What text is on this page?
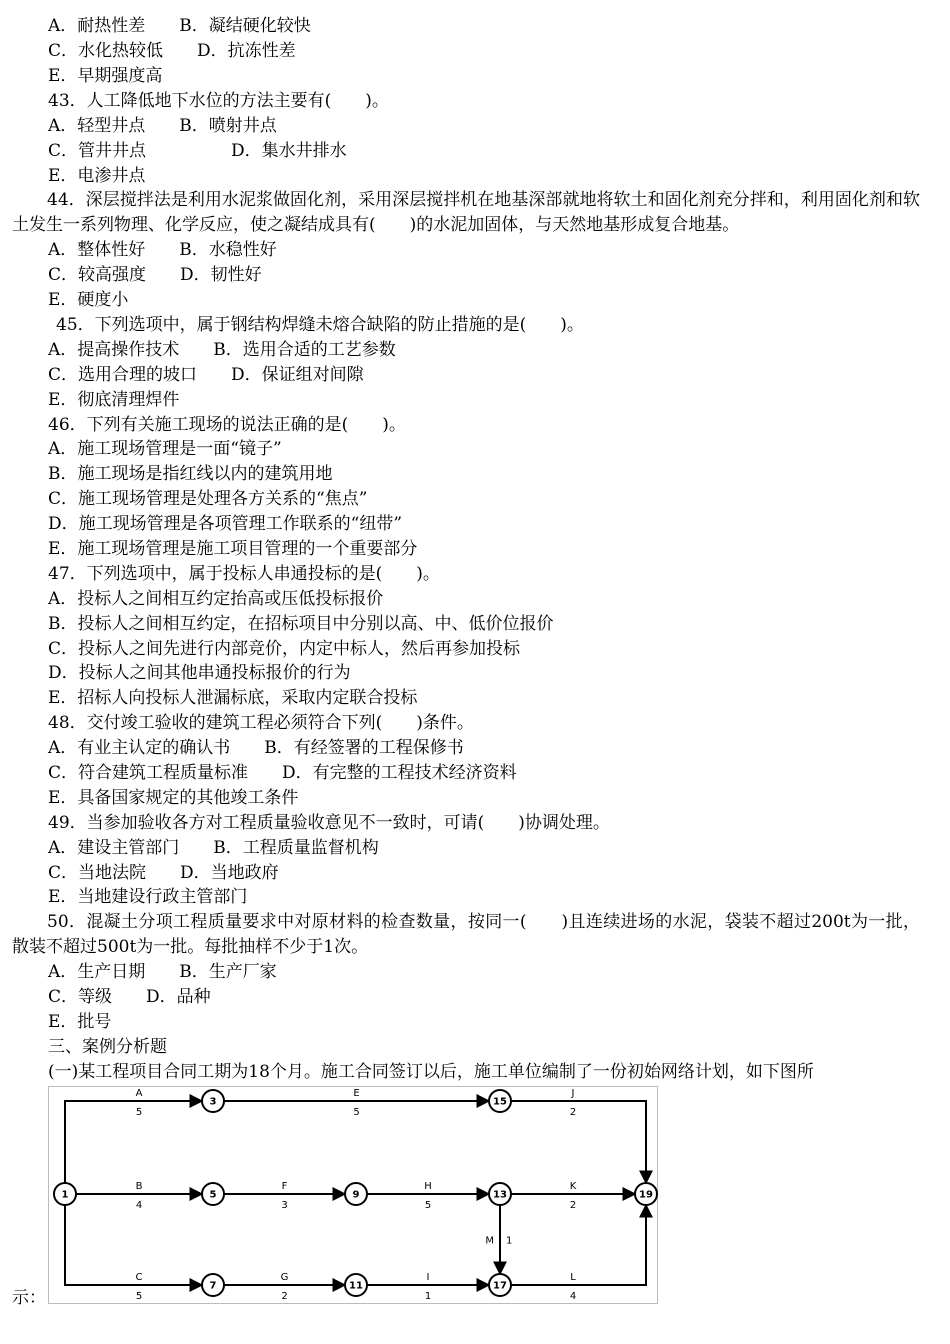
A．耐热性差　　B．凝结硬化较快
C．水化热较低　　D．抗冻性差
E．早期强度高
43．人工降低地下水位的方法主要有(　　)。
A．轻型井点　　B．喷射井点
C．管井井点　　　　　D．集水井排水
E．电渗井点
A．整体性好　　B．水稳性好
C．较高强度　　D．韧性好
E．硬度小
45．下列选项中，属于钢结构焊缝未熔合缺陷的防止措施的是(　　)。
A．提高操作技术　　B．选用合适的工艺参数
C．选用合理的坡口　　D．保证组对间隙
E．彻底清理焊件
46．下列有关施工现场的说法正确的是(　　)。
A．施工现场管理是一面“镜子”
B．施工现场是指红线以内的建筑用地
C．施工现场管理是处理各方关系的“焦点”
D．施工现场管理是各项管理工作联系的“纽带”
E．施工现场管理是施工项目管理的一个重要部分
47．下列选项中，属于投标人串通投标的是(　　)。
A．投标人之间相互约定抬高或压低投标报价
B．投标人之间相互约定，在招标项目中分别以高、中、低价位报价
C．投标人之间先进行内部竞价，内定中标人，然后再参加投标
D．投标人之间其他串通投标报价的行为
E．招标人向投标人泄漏标底，采取内定联合投标
48．交付竣工验收的建筑工程必须符合下列(　　)条件。
A．有业主认定的确认书　　B．有经签署的工程保修书
C．符合建筑工程质量标准　　D．有完整的工程技术经济资料
E．具备国家规定的其他竣工条件
49．当参加验收各方对工程质量验收意见不一致时，可请(　　)协调处理。
A．建设主管部门　　B．工程质量监督机构
C．当地法院　　D．当地政府
E．当地建设行政主管部门
A．生产日期　　B．生产厂家
C．等级　　D．品种
E．批号
三、案例分析题
示：
44．深层搅拌法是利用水泥浆做固化剂，采用深层搅拌机在地基深部就地将软土和固化剂充分拌和，利用固化剂和软土发生一系列物理、化学反应，使之凝结成具有(　　)的水泥加固体，与天然地基形成复合地基。
50．混凝土分项工程质量要求中对原材料的检查数量，按同一(　　)且连续进场的水泥，袋装不超过200t为一批，散装不超过500t为一批。每批抽样不少于1次。
(一)某工程项目合同工期为18个月。施工合同签订以后，施工单位编制了一份初始网络计划，如下图所
A
5
E
5
J
2
B
4
F
3
H
5
K
2
M 1
C
5
G
2
I
1
L
4
1
3
5
7
9
11
13
15
17
19
